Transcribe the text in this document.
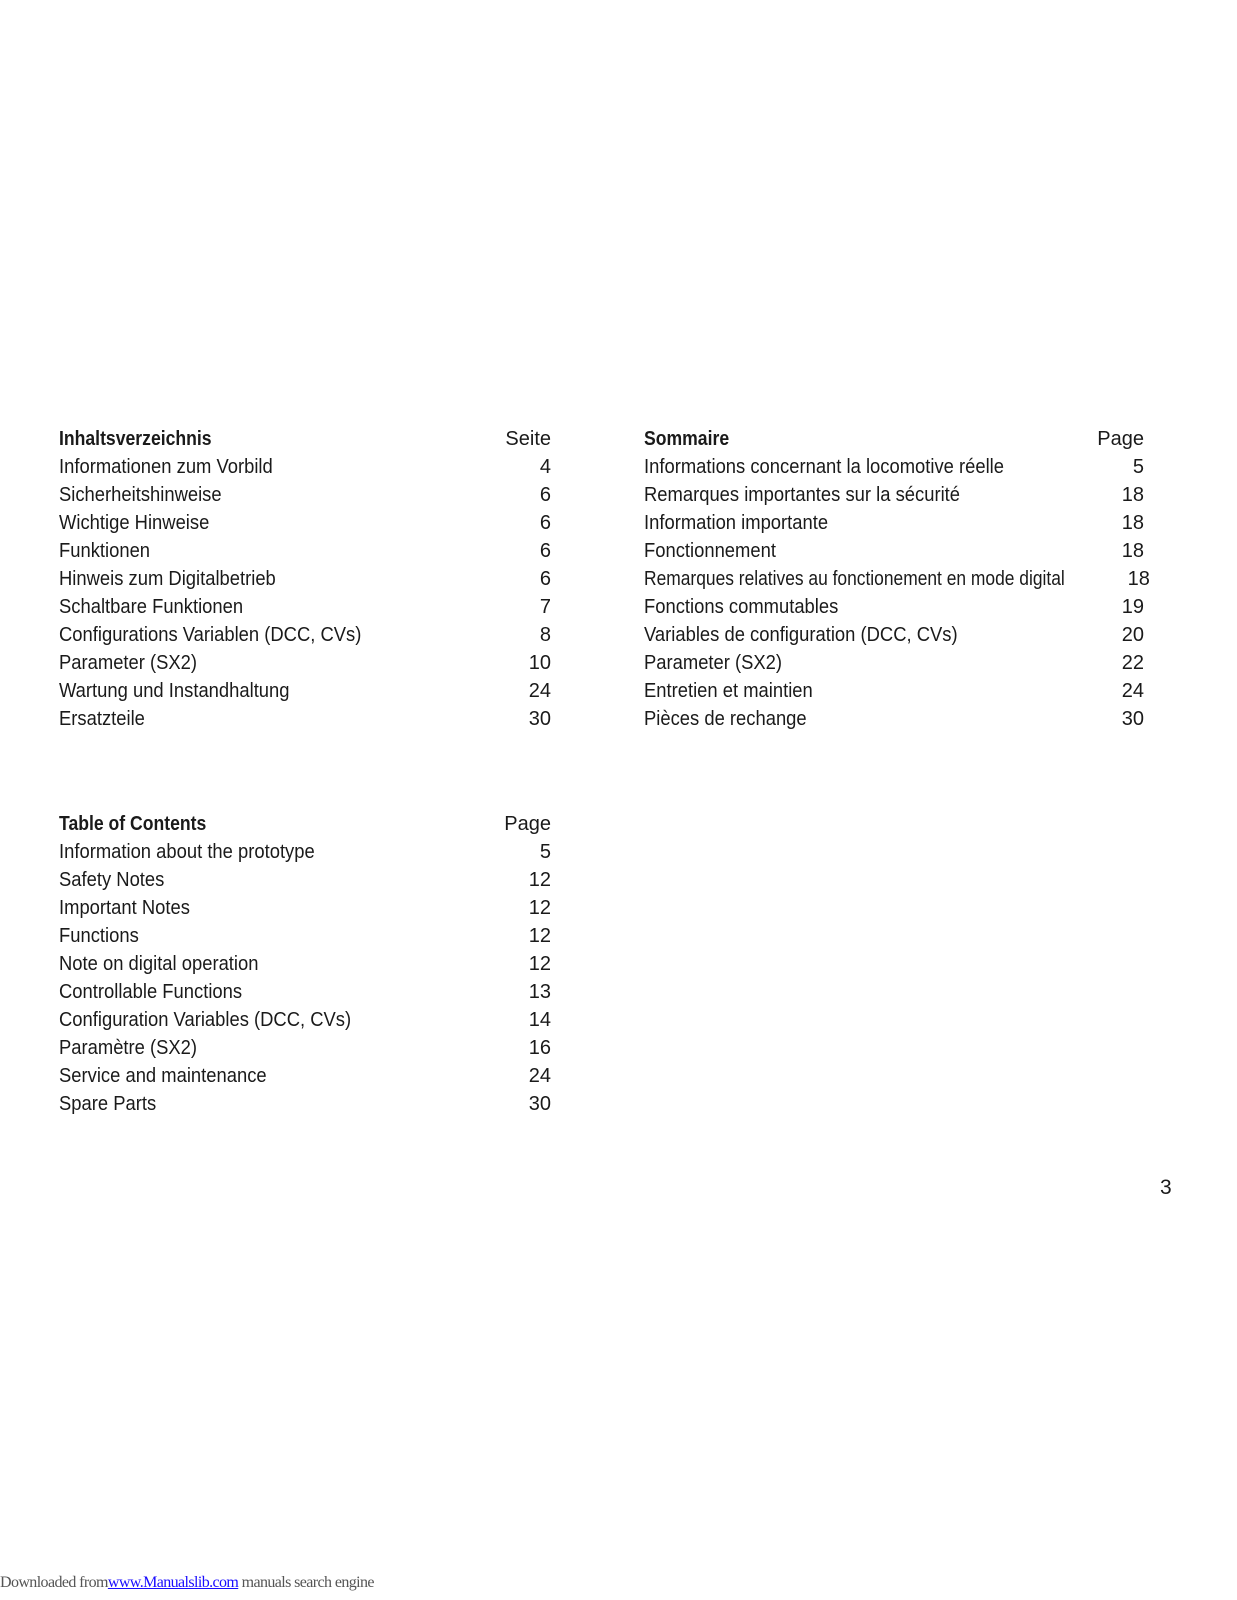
Inhaltsverzeichnis	Seite
Informationen zum Vorbild	4
Sicherheitshinweise	6
Wichtige Hinweise	6
Funktionen	6
Hinweis zum Digitalbetrieb	6
Schaltbare Funktionen	7
Configurations Variablen (DCC, CVs)	8
Parameter (SX2)	10
Wartung und Instandhaltung	24
Ersatzteile	30
Sommaire	Page
Informations concernant la locomotive réelle	5
Remarques importantes sur la sécurité	18
Information importante	18
Fonctionnement	18
Remarques relatives au fonctionement en mode digital	18
Fonctions commutables	19
Variables de configuration (DCC, CVs)	20
Parameter (SX2)	22
Entretien et maintien	24
Pièces de rechange	30
Table of Contents	Page
Information about the prototype	5
Safety Notes	12
Important Notes	12
Functions	12
Note on digital operation	12
Controllable Functions	13
Configuration Variables (DCC, CVs)	14
Paramètre (SX2)	16
Service and maintenance	24
Spare Parts	30
3
Downloaded fromwww.Manualslib.com manuals search engine
